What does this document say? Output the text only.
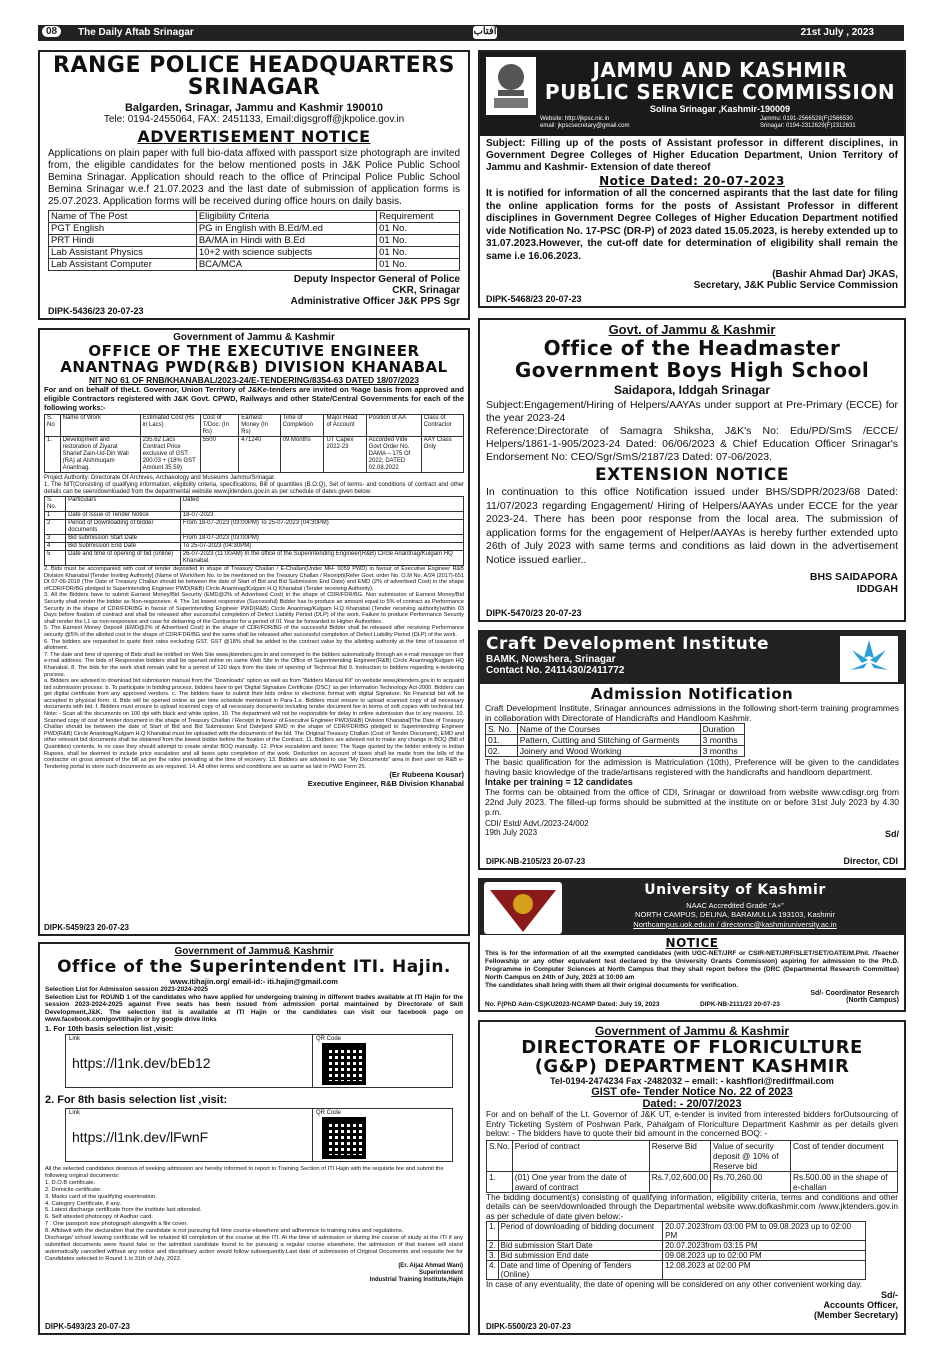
08	The Daily Aftab Srinagar	آفتاب	21st July , 2023
RANGE POLICE HEADQUARTERS
SRINAGAR
Balgarden, Srinagar, Jammu and Kashmir 190010
Tele: 0194-2455064, FAX: 2451133, Email:digsgroff@jkpolice.gov.in
ADVERTISEMENT NOTICE
Applications on plain paper with full bio-data affixed with passport size photograph are invited from, the eligible candidates for the below mentioned posts in J&K Police Public School Bemina Srinagar. Application should reach to the office of Principal Police Public School Bemina Srinagar w.e.f 21.07.2023 and the last date of submission of application forms is 25.07.2023. Application forms will be received during office hours on daily basis.
Name of The Post	Eligibility Criteria	Requirement
PGT English	PG in English with B.Ed/M.ed	01 No.
PRT Hindi	BA/MA in Hindi with B.Ed	01 No.
Lab Assistant Physics	10+2 with science subjects	01 No.
Lab Assistant Computer	BCA/MCA	01 No.
Deputy Inspector General of Police
CKR, Srinagar
Administrative Officer J&K PPS Sgr
DIPK-5436/23 20-07-23
JAMMU AND KASHMIR
PUBLIC SERVICE COMMISSION
Solina Srinagar ,Kashmir-190009
Website: http://jkpsc.nic.in
email: jkpscsecretary@gmail.com
Jammu: 0191-2566528(F)2566530
Srinagar: 0194-2312629(F)2312631
Subject: Filling up of the posts of Assistant professor in different disciplines, in Government Degree Colleges of Higher Education Department, Union Territory of Jammu and Kashmir- Extension of date thereof
Notice Dated: 20-07-2023
It is notified for information of all the concerned aspirants that the last date for filing the online application forms for the posts of Assistant Professor in different disciplines in Government Degree Colleges of Higher Education Department notified vide Notification No. 17-PSC (DR-P) of 2023 dated 15.05.2023, is hereby extended up to 31.07.2023.However, the cut-off date for determination of eligibility shall remain the same i.e 16.06.2023.
(Bashir Ahmad Dar) JKAS,
Secretary, J&K Public Service Commission
DIPK-5468/23 20-07-23
Government of Jammu & Kashmir
OFFICE OF THE EXECUTIVE ENGINEER
ANANTNAG PWD(R&B) DIVISION KHANABAL
NIT NO 61 OF RNB/KHANABAL/2023-24/E-TENDERING/8354-63 DATED 18/07/2023
For and on behalf of theLt. Governor, Union Territory of J&Ke-tenders are invited on %age basis from approved and eligible Contractors registered with J&K Govt. CPWD, Railways and other State/Central Governments for each of the following works:-
S. No	Name of Work	Estimated Cost (Rs in Lacs)	Cost of T/Doc. (In Rs)	Earnest Money (In Rs)	Time of Completion	Major Head of Account	Position of AA	Class of Contractor
1.	Development and restoration of Ziyarat Sharief Zain-Ud-Din Wali (RA) at Aishmuqam Anantnag.	235.62 Lacs Contract Price exclusive of GST: 200.03 + (18% GST Amount 35.59)	5500	471240	09 Months	UT Capex 2022-23	Accorded Vide Govt Order No. DAMA – 175 Of 2022, DATED 02.08.2022	AAY Class Only
Project Authority: Directorate Of Archives, Archaeology and Museums Jammu/Srinagar.
1. The NIT(Consisting of qualifying information, eligibility criteria, specifications, Bill of quantities (B.O.Q), Set of terms- and conditions of contract and other details can be seen/downloaded from the departmental website www.jktenders.gov.in as per schedule of dates given below:
S. No.	Particulars	Dated
1	Date of Issue of Tender Notice	18-07-2023
2	Period of Downloading of bidder documents	From 18-07-2023 (03:00PM) To 25-07-2023 (04:30PM)
3	Bid submission Start Date	From 18-07-2023 (03:00PM)
4	Bid Submission End Date	To 25-07-2023 (04:30PM)
5	Date and time of opening of bid (online)	26-07-2023 (11:00AM) In the office of the Superintending Engineer(R&B) Circle Anantnag/Kulgam HQ Khanabal.
2. Bids must be accompanied with cost of tender deposited in shape of Treasury Challan / E-Challan(Under MH- 0059 PWD) in favour of Executive Engineer R&B Division Khanabal [Tender Inviting Authority] (Name of Work/Item No. to be mentioned on the Treasury Challan / Receipt)(Refer Govt. order No. O.M No. A/24 (2017)-651 Dt 07-06-2018 (The Date of Treasury Challan should be between the date of Start of Bid and Bid Submission End Date) and EMD (2% of advertised Cost) in the shape ofCDR/FDR/BG pledged to Superintending Engineer PWD(R&B) Circle Anantnag/Kulgam H.Q Khanabal (Tender receiving Authority).
3. All the Bidders have to submit Earnest Money/Bid Security (EMD@2% of Advertised Cost) in the shape of CDR/FDR/BG. Non submission of Earnest Money/Bid Security shall render the bidder as Non-responsive. 4. The 1st lowest responsive (Successful) Bidder has to produce an amount equal to 5% of contract as Performance Security in the shape of CDR/FDR/BG in favour of Superintending Engineer PWD(R&B) Circle Anantnag/Kulgam H.Q Khanabal (Tender receiving authority)within 03 Days before fixation of contract and shall be released after successful completion of Defect Liability Period (DLP) of the work. Failure to produce Performance Security shall render the L1 as non-responsive and case for debarring of the Contractor for a period of 01 Year be forwarded to Higher Authorities.
5. The Earnest Money Deposit (EMD@2% of Advertised Cost) in the shape of CDR/FDR/BG of the successful Bidder shall be released after receiving Performance security @5% of the allotted cost in the shape of CDR/FDR/BG and the same shall be released after successful completion of Defect Liability Period (DLP) of the work.
6. The bidders are requested to quote their rates excluding GST. GST @18% shall be added to the contract value by the allotting authority at the time of issuance of allotment.
7. The date and time of opening of Bids shall be notified on Web Site www.jktenders.gov.in and conveyed to the bidders automatically through an e-mail message on their e-mail address. The bids of Responsive bidders shall be opened online on same Web Site in the Office of Superintending Engineer(R&B) Circle Anantnag/Kulgam HQ Khanabal. 8. The bids for the work shall remain valid for a period of 120 days from the date of opening of Technical Bid 9. Instruction to bidders regarding e-tendering process.
a. Bidders are advised to download bid submission manual from the “Downloads” option as well as from “Bidders Manual Kit” on website www.jktenders.gov.in to acquaint bid submission process. b. To participate in bidding process, bidders have to get ‘Digital Signature Certificate (DSC)’ as per Information Technology Act-2000. Bidders can get digital certificate from any approved vendors. c. The bidders have to submit their bids online in electronic format with digital Signature. No Financial bid will be accepted in physical form. d. Bids will be opened online as per time schedule mentioned in Para-1.e. Bidders must ensure to upload scanned copy of all necessary documents with bid. f. Bidders must ensure to upload scanned copy of all necessary documents including tender document fee in terms of soft copies with technical bid. Note: - Scan all the documents on 100 dpi with black and white option. 10. The department will not be responsible for delay in online submission due to any reasons. 10. Scanned copy of cost of tender document in the shape of Treasury Challan / Receipt in favour of Executive Engineer PWD(R&B) Division Khanabal[The Date of Treasury Challan should be between the date of Start of Bid and Bid Submission End Date]and EMD in the shape of CDR/FDR/BG pledged to Superintending Engineer PWD(R&B) Circle Anantnag/Kulgam H.Q Khanabal must be uploaded with the documents of the bid. The Original Treasury Challan (Cost of Tender Document), EMD and other relevant bid documents shall be obtained from the lowest bidder before the fixation of the Contract. 11. Bidders are advised not to make any change in BOQ (Bill of Quantities) contents. In no case they should attempt to create similar BOQ manually. 12. Price escalation and taxes: The %age quoted by the bidder entirely in Indian Rupees, shall be deemed to include price escalation and all taxes upto completion of the work. Deduction on account of taxes shall be made from the bills of the contractor on gross amount of the bill as per the rates prevailing at the time of recovery. 13. Bidders are advised to use “My Documents” area in their user on R&B e-Tendering portal to store such documents as are required. 14. All other terms and conditions are as same as laid in PWD Form 25.
(Er Rubeena Kousar)
Executive Engineer, R&B Division Khanabal
DIPK-5459/23 20-07-23
Government of Jammu& Kashmir
Office of the Superintendent ITI. Hajin.
www.itihajin.org/ email-id:- iti.hajin@gmail.com
Selection List for Admission session 2023-2024-2025
Selection List for ROUND 1 of the candidates who have applied for undergoing training in different trades available at ITI Hajin for the session 2023-2024-2025 against Free seats has been issued from admission portal maintained by Directorate of Skill Development,J&K. The selection list is available at ITI Hajin or the candidates can visit our facebook page on www.facebook.com/govtitihajin or by google drive links
1. For 10th basis selection list ,visit:
Link	QR Code
https://l1nk.dev/bEb12
2. For 8th basis selection list ,visit:
Link	QR Code
https://l1nk.dev/lFwnF
All the selected candidates desirous of seeking admission are hereby informed to report to Training Section of ITI Hajin with the requisite fee and submit the following original documents:
1. D.O.B certificate.
2. Domicile certificate.
3. Marks card of the qualifying examination.
4. Category Certificate, if any.
5. Latest discharge certificate from the institute last attended.
6. Self attested photocopy of Aadhar card.
7 . One passport size photograph alongwith a file cover.
8. Affidavit with the declaration that the candidate is not pursuing full time course elsewhere and adherence to training rules and regulations.
Discharge/ school leaving certificate will be retained till completion of the course at the ITI. At the time of admission or during the course of study at the ITI if any submitted documents were found fake or the admitted candidate found to be pursuing a regular course elsewhere, the admission of that trainee will stand automatically cancelled without any notice and disciplinary action would follow subsequently.Last date of submission of Original Documents and requisite fee for Candidates selected in Round 1 is 31th of July, 2022.
(Er. Aijaz Ahmad Wani)
Superintendent
Industrial Training Institute,Hajin
DIPK-5493/23 20-07-23
Govt. of Jammu & Kashmir
Office of the Headmaster
Government Boys High School
Saidapora, Iddgah Srinagar
Subject:Engagement/Hiring of Helpers/AAYAs under support at Pre-Primary (ECCE) for the year 2023-24
Reference:Directorate of Samagra Shiksha, J&K's No: Edu/PD/SmS /ECCE/ Helpers/1861-1-905/2023-24 Dated: 06/06/2023 & Chief Education Officer Srinagar's Endorsement No: CEO/Sgr/SmS/2187/23 Dated: 07-06/2023.
EXTENSION NOTICE
In continuation to this office Notification issued under BHS/SDPR/2023/68 Dated: 11/07/2023 regarding Engagement/ Hiring of Helpers/AAYAs under ECCE for the year 2023-24. There has been poor response from the local area. The submission of application forms for the engagement of Helper/AAYAs is hereby further extended upto 26th of July 2023 with same terms and conditions as laid down in the advertisement Notice issued earlier..
BHS SAIDAPORA
IDDGAH
DIPK-5470/23 20-07-23
Craft Development Institute
BAMK, Nowshera, Srinagar
Contact No. 2411430/2411772
Admission Notification
Craft Development Institute, Srinagar announces admissions in the following short-term training programmes in collaboration with Directorate of Handicrafts and Handloom Kashmir.
S. No.	Name of the Courses	Duration
01.	Pattern, Cutting and Stitching of Garments	3 months
02.	Joinery and Wood Working	3 months
The basic qualification for the admission is Matriculation (10th), Preference will be given to the candidates having basic knowledge of the trade/artisans registered with the handicrafts and handloom department.
Intake per training = 12 candidates
The forms can be obtained from the office of CDI, Srinagar or download from website www.cdisgr.org from 22nd July 2023. The filled-up forms should be submitted at the institute on or before 31st July 2023 by 4.30 p.m.
CDI/ Estd/ Advt./2023-24/002
19th July 2023	Sd/
DIPK-NB-2105/23 20-07-23	Director, CDI
University of Kashmir
NAAC Accredited Grade "A+"
NORTH CAMPUS, DELINA, BARAMULLA 193103, Kashmir
Northcampus.uok.edu.in / directornc@kashmiruniversity.ac.in
NOTICE
This is for the information of all the exempted candidates (with UGC-NET/JRF or CSIR-NET/JRF/SLET/SET/GATE/M.Phil. /Teacher Fellowship or any other equivalent test declared by the University Grants Commission) aspiring for admission to the Ph.D. Programme in Computer Sciences at North Campus that they shall report before the (DRC (Departmental Research Committee) North Campus on 24th of July, 2023 at 10:00 am
The candidates shall bring with them all their original documents for verification.
Sd/- Coordinator Research
(North Campus)
No. F(PhD Adm-CS)KU2023-NCAMP Dated: July 19, 2023	DIPK-NB-2111/23 20-07-23
Government of Jammu & Kashmir
DIRECTORATE OF FLORICULTURE
(G&P) DEPARTMENT KASHMIR
Tel-0194-2474234 Fax -2482032 – email: - kashflori@rediffmail.com
GIST ofe- Tender Notice No. 22 of 2023
Dated: - 20/07/2023
For and on behalf of the Lt. Governor of J&K UT, e-tender is invited from interested bidders forOutsourcing of Entry Ticketing System of Poshwan Park, Pahalgam of Floriculture Department Kashmir as per details given below: - The bidders have to quote their bid amount in the concerned BOQ: -
S.No.	Period of contract	Reserve Bid	Value of security deposit @ 10% of Reserve bid	Cost of tender document
1.	(01) One year from the date of award of contract	Rs.7,02,600.00	Rs.70,260.00	Rs.500.00 in the shape of e-challan
The bidding document(s) consisting of qualifying information, eligibility criteria, terms and conditions and other details can be seen/downloaded through the Departmental website www.dofkashmir.com /www.jktenders.gov.in as per schedule of date given below:-
1.	Period of downloading of bidding document	20.07.2023from 03:00 PM to 09.08.2023 up to 02:00 PM
2.	Bid submission Start Date	20.07.2023from 03:15 PM
3.	Bid submission End date	09.08.2023 up to 02:00 PM
4.	Date and time of Opening of Tenders (Online)	12.08.2023 at 02:00 PM
In case of any eventuality, the date of opening will be considered on any other convenient working day.
Sd/-
Accounts Officer,
(Member Secretary)
DIPK-5500/23 20-07-23
